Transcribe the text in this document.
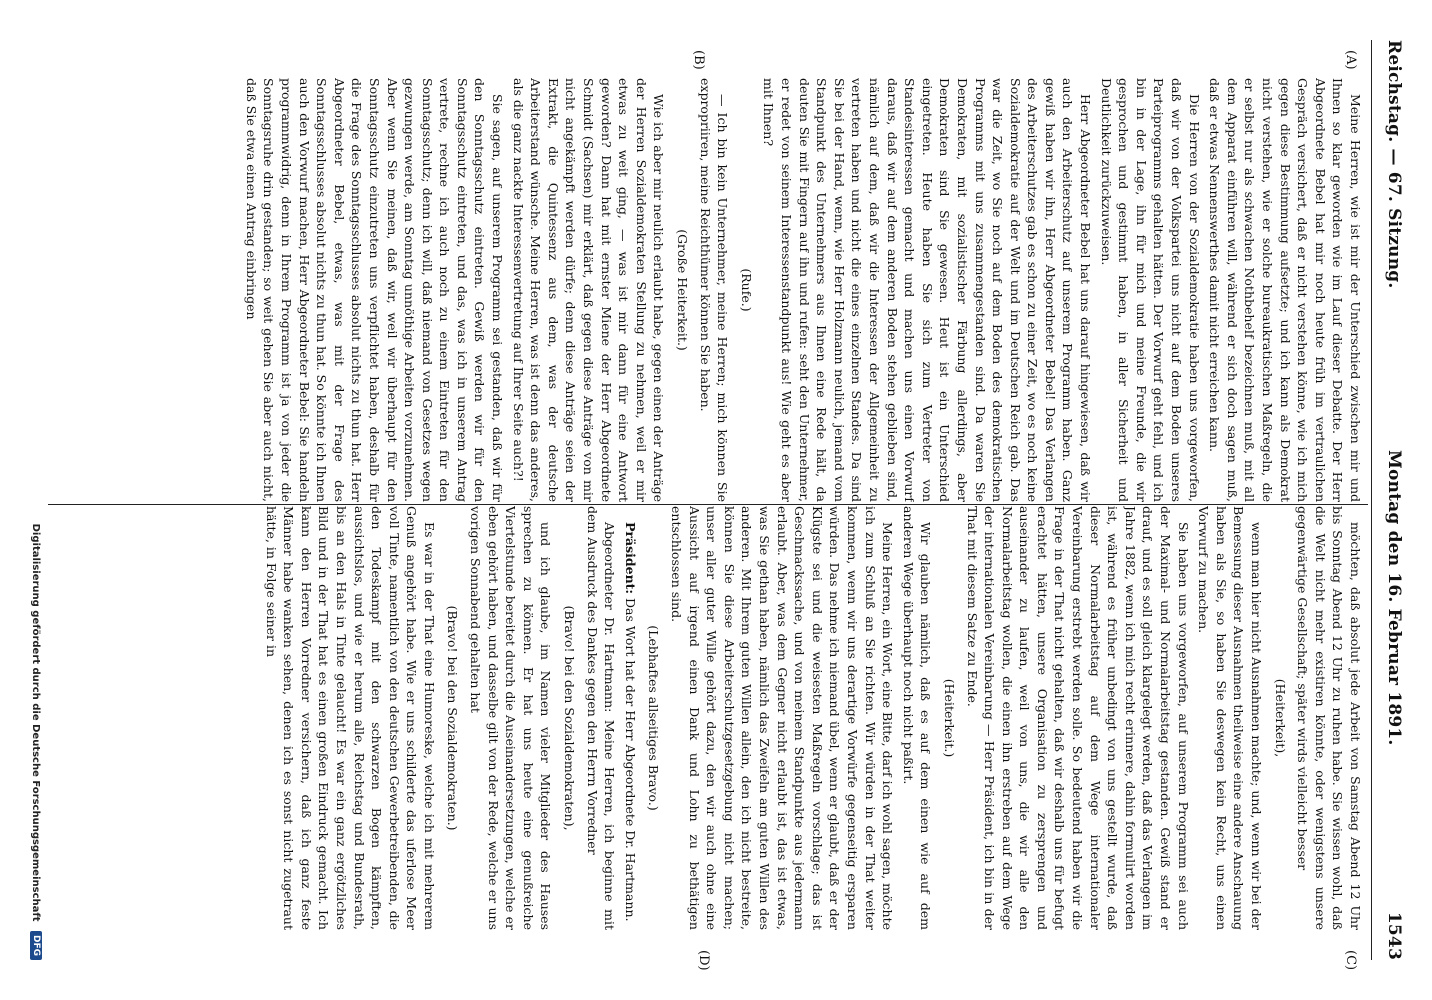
Reichstag. — 67. Sitzung.
Montag den 16. Februar 1891.
1543
(A)
(B)
(C)
(D)

Meine Herren, wie ist mir der Unterschied zwischen mir und Ihnen so klar geworden wie im Lauf dieser Debatte. Der Herr Abgeordnete Bebel hat mir noch heute früh im vertraulichen Gespräch versichert, daß er nicht verstehen könne, wie ich mich gegen diese Bestimmung aufsetzte; und ich kann als Demokrat nicht verstehen, wie er solche bureaukratischen Maßregeln, die er selbst nur als schwachen Nothbehelf bezeichnen muß, mit all dem Apparat einführen will, während er sich doch sagen muß, daß er etwas Nennenswerthes damit nicht erreichen kann.

Die Herren von der Sozialdemokratie haben uns vorgeworfen, daß wir von der Volkspartei uns nicht auf dem Boden unseres Parteiprogramms gehalten hätten. Der Vorwurf geht fehl, und ich bin in der Lage, ihn für mich und meine Freunde, die wir gesprochen und gestimmt haben, in aller Sicherheit und Deutlichkeit zurückzuweisen.

Herr Abgeordneter Bebel hat uns darauf hingewiesen, daß wir auch den Arbeiterschutz auf unserem Programm haben. Ganz gewiß haben wir ihn, Herr Abgeordneter Bebel! Das Verlangen des Arbeiterschutzes gab es schon zu einer Zeit, wo es noch keine Sozialdemokratie auf der Welt und im Deutschen Reich gab. Das war die Zeit, wo Sie noch auf dem Boden des demokratischen Programms mit uns zusammengestanden sind. Da waren Sie Demokraten, mit sozialistischer Färbung allerdings, aber Demokraten sind Sie gewesen. Heut ist ein Unterschied eingetreten. Heute haben Sie sich zum Vertreter von Standesinteressen gemacht und machen uns einen Vorwurf daraus, daß wir auf dem anderen Boden stehen geblieben sind, nämlich auf dem, daß wir die Interessen der Allgemeinheit zu vertreten haben und nicht die eines einzelnen Standes. Da sind Sie bei der Hand, wenn, wie Herr Holzmann neulich, jemand vom Standpunkt des Unternehmers aus Ihnen eine Rede hält, da deuten Sie mit Fingern auf ihn und rufen: seht den Unternehmer, er redet von seinem Interessenstandpunkt aus! Wie geht es aber mit Ihnen?

(Rufe.)

— Ich bin kein Unternehmer, meine Herren; mich können Sie expropriiren, meine Reichthümer können Sie haben.

(Große Heiterkeit.)

Wie ich aber mir neulich erlaubt habe, gegen einen der Anträge der Herren Sozialdemokraten Stellung zu nehmen, weil er mir etwas zu weit ging, — was ist mir dann für eine Antwort geworden? Dann hat mit ernster Miene der Herr Abgeordnete Schmidt (Sachsen) mir erklärt, daß gegen diese Anträge von mir nicht angekämpft werden dürfe; denn diese Anträge seien der Extrakt, die Quintessenz aus dem, was der deutsche Arbeiterstand wünsche. Meine Herren, was ist denn das anderes, als die ganz nackte Interessenvertretung auf Ihrer Seite auch?!

Sie sagen, auf unserem Programm sei gestanden, daß wir für den Sonntagsschutz eintreten. Gewiß werden wir für den Sonntagsschutz eintreten, und das, was ich in unserem Antrag vertrete, rechne ich auch noch zu einem Eintreten für den Sonntagsschutz; denn ich will, daß niemand von Gesetzes wegen gezwungen werde, am Sonntag unnöthige Arbeiten vorzunehmen. Aber wenn Sie meinen, daß wir, weil wir überhaupt für den Sonntagsschutz einzutreten uns verpflichtet haben, deshalb für die Frage des Sonntagsschlusses absolut nichts zu thun hat. Herr Abgeordneter Bebel, etwas, was mit der Frage des Sonntagsschlusses absolut nichts zu thun hat. So könnte ich Ihnen auch den Vorwurf machen, Herr Abgeordneter Bebel: Sie handeln programmwidrig, denn in Ihrem Programm ist ja von jeder die Sonntagsruhe drin gestanden; so weit gehen Sie aber auch nicht, daß Sie etwa einen Antrag einbringen

möchten, daß absolut jede Arbeit von Samstag Abend 12 Uhr bis Sonntag Abend 12 Uhr zu ruhen habe. Sie wissen wohl, daß die Welt nicht mehr existiren könnte, oder wenigstens unsere gegenwärtige Gesellschaft; später wirds vielleicht besser

(Heiterkeit),

wenn man hier nicht Ausnahmen machte; und, wenn wir bei der Bemessung dieser Ausnahmen theilweise eine andere Anschauung haben als Sie, so haben Sie deswegen kein Recht, uns einen Vorwurf zu machen.

Sie haben uns vorgeworfen, auf unserem Programm sei auch der Maximal- und Normalarbeitstag gestanden. Gewiß stand er drauf, und es soll gleich klargelegt werden, daß das Verlangen im Jahre 1882, wenn ich mich recht erinnere, dahin formulirt worden ist, während es früher unbedingt von uns gestellt wurde, daß dieser Normalarbeitstag auf dem Wege internationaler Vereinbarung erstrebt werden solle. So bedeutend haben wir die Frage in der That nicht gehalten, daß wir deshalb uns für befugt erachtet hätten, unsere Organisation zu zersprengen und auseinander zu laufen, weil von uns, die wir alle den Normalarbeitstag wollen, die einen ihn erstreben auf dem Wege der internationalen Vereinbarung — Herr Präsident, ich bin in der That mit diesem Satze zu Ende.

(Heiterkeit.)

Wir glauben nämlich, daß es auf dem einen wie auf dem anderen Wege überhaupt noch nicht paßirt.

Meine Herren, ein Wort, eine Bitte, darf ich wohl sagen, möchte ich zum Schluß an Sie richten. Wir würden in der That weiter kommen, wenn wir uns derartige Vorwürfe gegenseitig ersparen würden. Das nehme ich niemand übel, wenn er glaubt, daß er der Klügste sei und die weisesten Maßregeln vorschlage; das ist Geschmackssache, und von meinem Standpunkte aus jedermann erlaubt. Aber, was dem Gegner nicht erlaubt ist, das ist etwas, was Sie gethan haben, nämlich das Zweifeln am guten Willen des anderen. Mit Ihrem guten Willen allein, den ich nicht bestreite, können Sie diese Arbeiterschutzgesetzgebung nicht machen; unser aller guter Wille gehört dazu, den wir auch ohne eine Aussicht auf irgend einen Dank und Lohn zu bethätigen entschlossen sind.

(Lebhaftes allseitiges Bravo.)

Präsident: Das Wort hat der Herr Abgeordnete Dr. Hartmann.

Abgeordneter Dr. Hartmann: Meine Herren, ich beginne mit dem Ausdruck des Dankes gegen den Herrn Vorredner

(Bravo! bei den Sozialdemokraten),

und ich glaube, im Namen vieler Mitglieder des Hauses sprechen zu können. Er hat uns heute eine genußreiche Viertelstunde bereitet durch die Auseinandersetzungen, welche er eben gehört haben, und dasselbe gilt von der Rede, welche er uns vorigen Sonnabend gehalten hat

(Bravo! bei den Sozialdemokraten.)

Es war in der That eine Humoreske, welche ich mit mehrerem Genuß angehört habe. Wie er uns schilderte das uferlose Meer voll Tinte, namentlich von den deutschen Gewerbetreibenden, die den Todeskampf mit den schwarzen Bogen kämpften, aussichtslos, und wie er herum alle, Reichstag und Bundesrath, bis an den Hals in Tinte gelaucht! Es war ein ganz ergötzliches Bild und in der That hat es einen großen Eindruck gemacht. Ich kann den Herren Vorredner versichern, daß ich ganz feste Männer habe wanken sehen, denen ich es sonst nicht zugetraut hätte, in Folge seiner in

Digitalisierung gefördert durch die Deutsche Forschungsgemeinschaft DFG
